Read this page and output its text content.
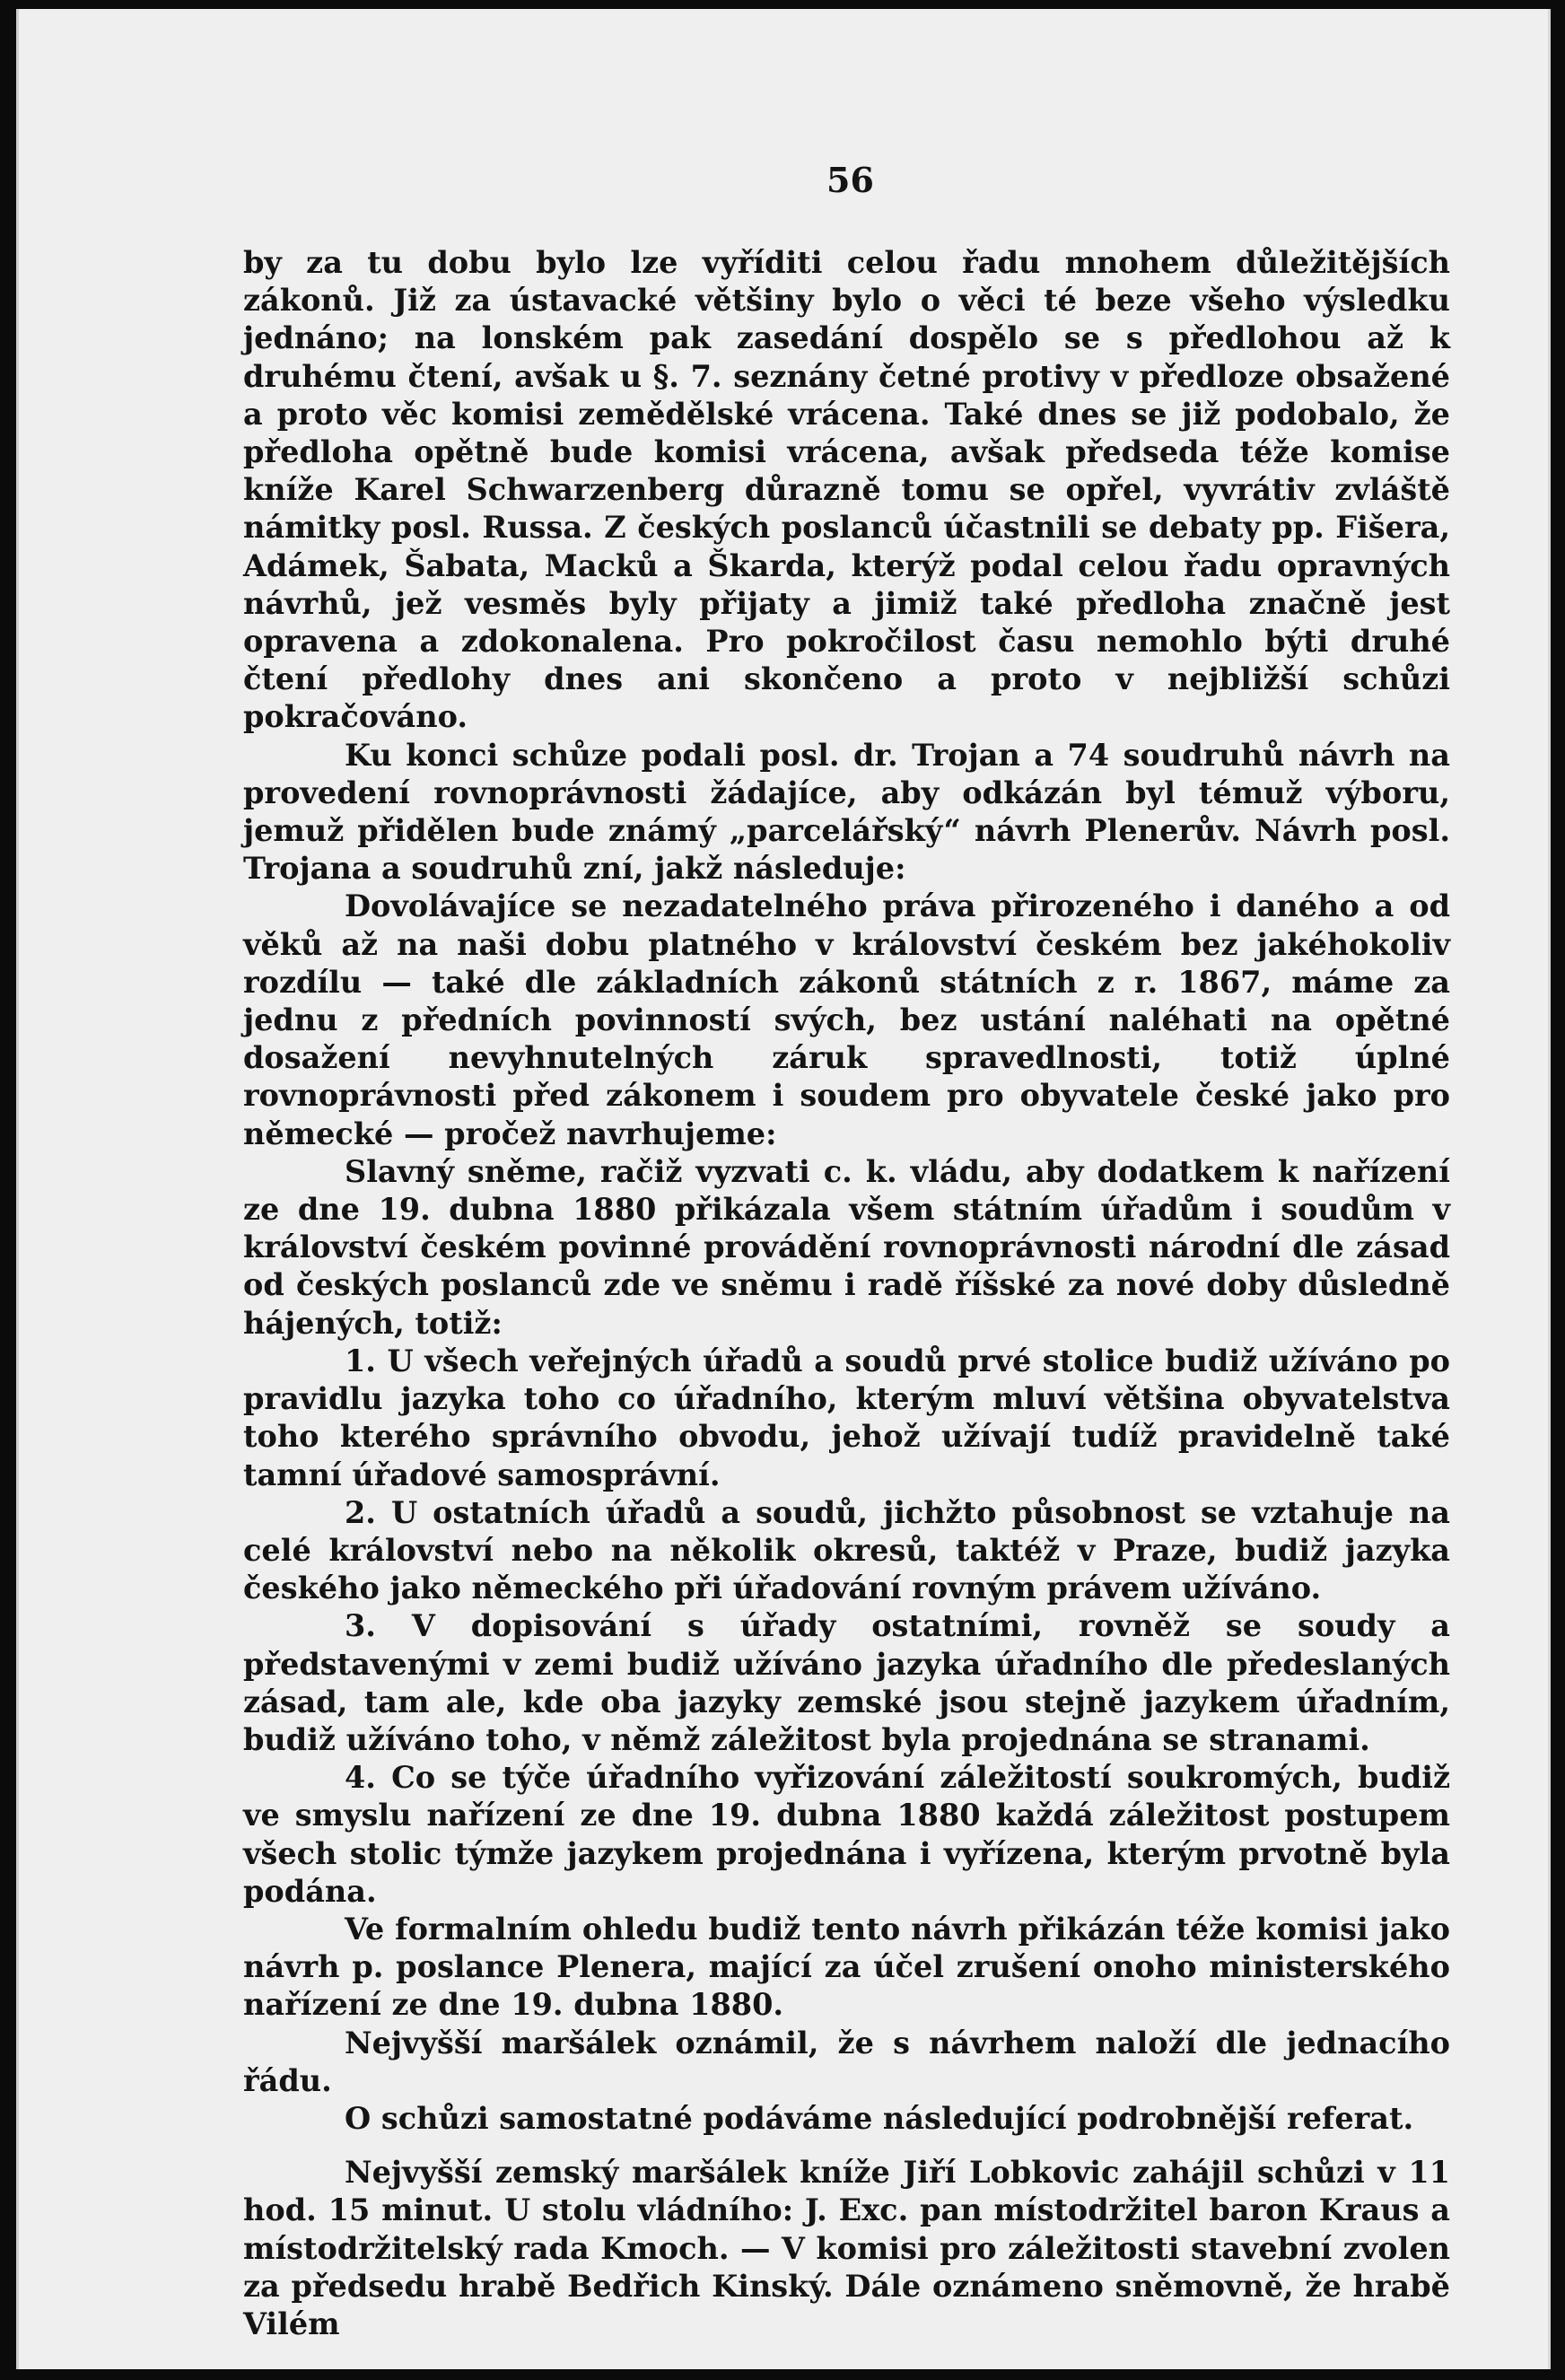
56

by za tu dobu bylo lze vyříditi celou řadu mnohem důležitějších zákonů. Již za ústavacké většiny bylo o věci té beze všeho výsledku jednáno; na lonském pak zasedání dospělo se s předlohou až k druhému čtení, avšak u §. 7. seznány četné protivy v předloze obsažené a proto věc komisi zemědělské vrácena. Také dnes se již podobalo, že předloha opětně bude komisi vrácena, avšak předseda téže komise kníže Karel Schwarzenberg důrazně tomu se opřel, vyvrátiv zvláště námitky posl. Russa. Z českých poslanců účastnili se debaty pp. Fišera, Adámek, Šabata, Macků a Škarda, kterýž podal celou řadu opravných návrhů, jež vesměs byly přijaty a jimiž také předloha značně jest opravena a zdokonalena. Pro pokročilost času nemohlo býti druhé čtení předlohy dnes ani skončeno a proto v nejbližší schůzi pokračováno.

Ku konci schůze podali posl. dr. Trojan a 74 soudruhů návrh na provedení rovnoprávnosti žádajíce, aby odkázán byl témuž výboru, jemuž přidělen bude známý „parcelářský“ návrh Plenerův. Návrh posl. Trojana a soudruhů zní, jakž následuje:

Dovolávajíce se nezadatelného práva přirozeného i daného a od věků až na naši dobu platného v království českém bez jakéhokoliv rozdílu — také dle základních zákonů státních z r. 1867, máme za jednu z předních povinností svých, bez ustání naléhati na opětné dosažení nevyhnutelných záruk spravedlnosti, totiž úplné rovnoprávnosti před zákonem i soudem pro obyvatele české jako pro německé — pročež navrhujeme:

Slavný sněme, račiž vyzvati c. k. vládu, aby dodatkem k nařízení ze dne 19. dubna 1880 přikázala všem státním úřadům i soudům v království českém povinné provádění rovnoprávnosti národní dle zásad od českých poslanců zde ve sněmu i radě říšské za nové doby důsledně hájených, totiž:

1. U všech veřejných úřadů a soudů prvé stolice budiž užíváno po pravidlu jazyka toho co úřadního, kterým mluví většina obyvatelstva toho kterého správního obvodu, jehož užívají tudíž pravidelně také tamní úřadové samosprávní.

2. U ostatních úřadů a soudů, jichžto působnost se vztahuje na celé království nebo na několik okresů, taktéž v Praze, budiž jazyka českého jako německého při úřadování rovným právem užíváno.

3. V dopisování s úřady ostatními, rovněž se soudy a představenými v zemi budiž užíváno jazyka úřadního dle předeslaných zásad, tam ale, kde oba jazyky zemské jsou stejně jazykem úřadním, budiž užíváno toho, v němž záležitost byla projednána se stranami.

4. Co se týče úřadního vyřizování záležitostí soukromých, budiž ve smyslu nařízení ze dne 19. dubna 1880 každá záležitost postupem všech stolic týmže jazykem projednána i vyřízena, kterým prvotně byla podána.

Ve formalním ohledu budiž tento návrh přikázán téže komisi jako návrh p. poslance Plenera, mající za účel zrušení onoho ministerského nařízení ze dne 19. dubna 1880.

Nejvyšší maršálek oznámil, že s návrhem naloží dle jednacího řádu.

O schůzi samostatné podáváme následující podrobnější referat.

Nejvyšší zemský maršálek kníže Jiří Lobkovic zahájil schůzi v 11 hod. 15 minut. U stolu vládního: J. Exc. pan místodržitel baron Kraus a místodržitelský rada Kmoch. — V komisi pro záležitosti stavební zvolen za předsedu hrabě Bedřich Kinský. Dále oznámeno sněmovně, že hrabě Vilém
